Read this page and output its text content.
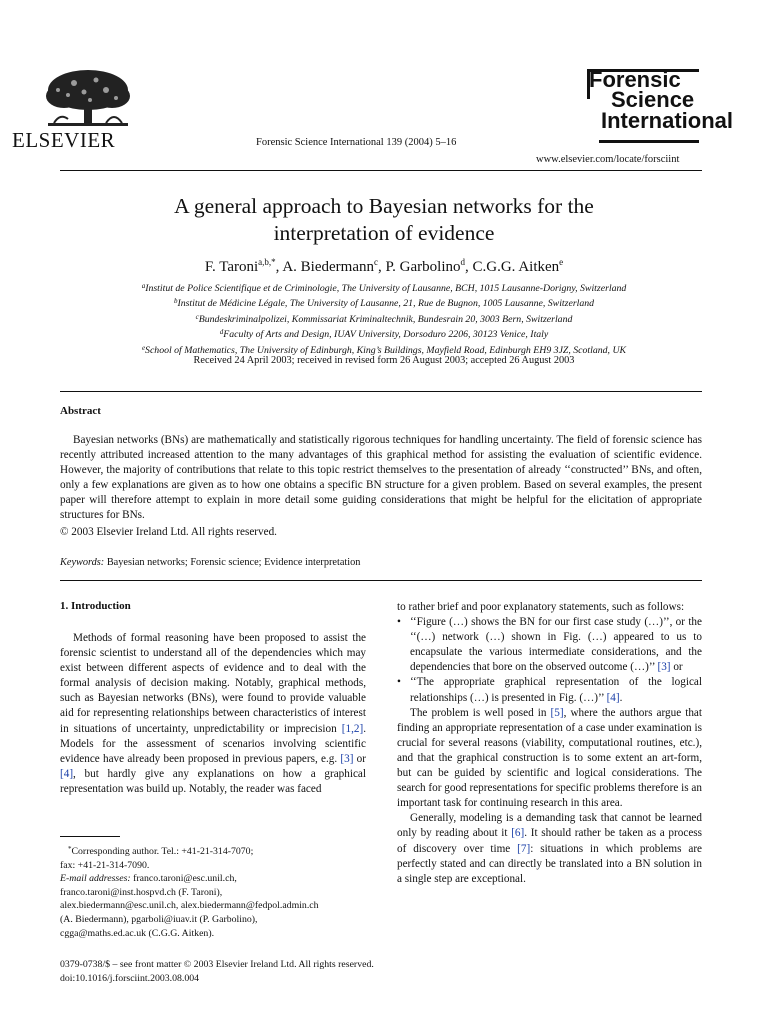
ELSEVIER	Forensic Science International 139 (2004) 5–16
Forensic
Science
International
www.elsevier.com/locate/forsciint
A general approach to Bayesian networks for the
interpretation of evidence
F. Taroni$^{a,b,*}$, A. Biedermann$^c$, P. Garbolino$^d$, C.G.G. Aitken$^e$
$^a$Institut de Police Scientifique et de Criminologie, The University of Lausanne, BCH, 1015 Lausanne-Dorigny, Switzerland
$^b$Institut de Médicine Légale, The University of Lausanne, 21, Rue de Bugnon, 1005 Lausanne, Switzerland
$^c$Bundeskriminalpolizei, Kommissariat Kriminaltechnik, Bundesrain 20, 3003 Bern, Switzerland
$^d$Faculty of Arts and Design, IUAV University, Dorsoduro 2206, 30123 Venice, Italy
$^e$School of Mathematics, The University of Edinburgh, King’s Buildings, Mayfield Road, Edinburgh EH9 3JZ, Scotland, UK
Received 24 April 2003; received in revised form 26 August 2003; accepted 26 August 2003
Abstract

Bayesian networks (BNs) are mathematically and statistically rigorous techniques for handling uncertainty. The field of forensic science has recently attributed increased attention to the many advantages of this graphical method for assisting the evaluation of scientific evidence. However, the majority of contributions that relate to this topic restrict themselves to the presentation of already ‘‘constructed’’ BNs, and often, only a few explanations are given as to how one obtains a specific BN structure for a given problem. Based on several examples, the present paper will therefore attempt to explain in more detail some guiding considerations that might be helpful for the elicitation of appropriate structures for BNs.

© 2003 Elsevier Ireland Ltd. All rights reserved.
Keywords: Bayesian networks; Forensic science; Evidence interpretation
1. Introduction
Methods of formal reasoning have been proposed to assist the forensic scientist to understand all of the dependencies which may exist between different aspects of evidence and to deal with the formal analysis of decision making. Notably, graphical methods, such as Bayesian networks (BNs), were found to provide valuable aid for representing relationships between characteristics of interest in situations of uncertainty, unpredictability or imprecision [1,2]. Models for the assessment of scenarios involving scientific evidence have already been proposed in previous papers, e.g. [3] or [4], but hardly give any explanations on how a graphical representation was build up. Notably, the reader was faced

*Corresponding author. Tel.: +41-21-314-7070;

fax: +41-21-314-7090.

E-mail addresses: franco.taroni@esc.unil.ch,

franco.taroni@inst.hospvd.ch (F. Taroni),

alex.biedermann@esc.unil.ch, alex.biedermann@fedpol.admin.ch

(A. Biedermann), pgarboli@iuav.it (P. Garbolino),

cgga@maths.ed.ac.uk (C.G.G. Aitken).

to rather brief and poor explanatory statements, such as follows:

• ‘‘Figure (…) shows the BN for our first case study (…)’’, or the ‘‘(…) network (…) shown in Fig. (…) appeared to us to encapsulate the various intermediate considerations, and the dependencies that bore on the observed outcome (…)’’ [3] or
• ‘‘The appropriate graphical representation of the logical relationships (…) is presented in Fig. (…)’’ [4].

The problem is well posed in [5], where the authors argue that finding an appropriate representation of a case under examination is crucial for several reasons (viability, computational routines, etc.), and that the graphical construction is to some extent an art-form, but can be guided by scientific and logical considerations. The search for good representations for specific problems therefore is an important task for continuing research in this area.

Generally, modeling is a demanding task that cannot be learned only by reading about it [6]. It should rather be taken as a process of discovery over time [7]: situations in which problems are perfectly stated and can directly be translated into a BN solution in a single step are exceptional.

0379-0738/$ – see front matter © 2003 Elsevier Ireland Ltd. All rights reserved.
doi:10.1016/j.forsciint.2003.08.004
